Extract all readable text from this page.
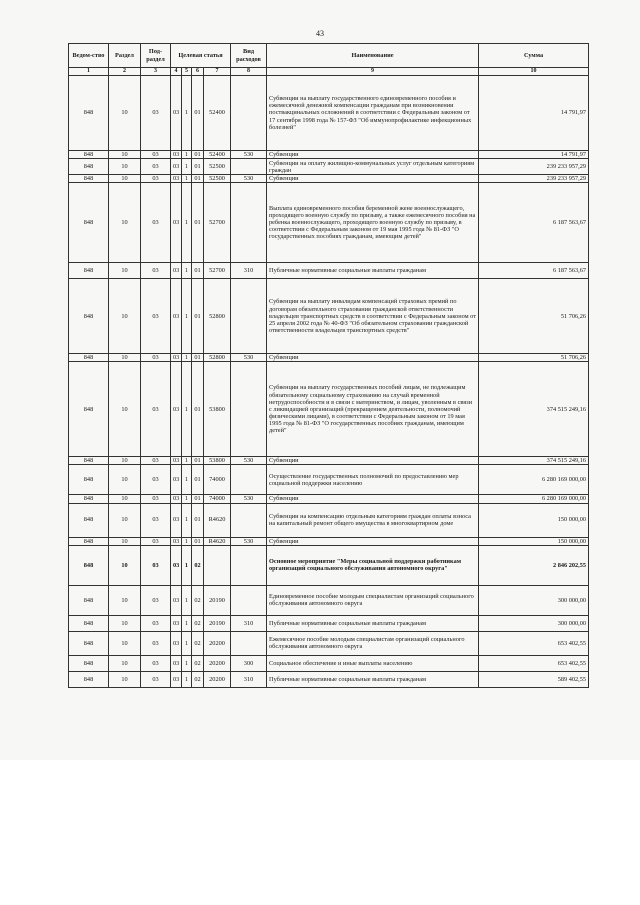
43
Ведом-ство	Раздел	Под-раздел	Целевая статья				Вид расходов	Наименование	Сумма
1	2	3	4	5	6	7	8	9	10
848	10	03	03	1	01	52400		Субвенции на выплату государственного единовременного пособия и ежемесячной денежной компенсации гражданам при возникновении поствакцинальных осложнений в соответствии с Федеральным законом от 17 сентября 1998 года № 157-ФЗ "Об иммунопрофилактике инфекционных болезней"	14 791,97
848	10	03	03	1	01	52400	530	Субвенции	14 791,97
848	10	03	03	1	01	52500		Субвенции на оплату жилищно-коммунальных услуг отдельным категориям граждан	239 233 957,29
848	10	03	03	1	01	52500	530	Субвенции	239 233 957,29
848	10	03	03	1	01	52700		Выплата единовременного пособия беременной жене военнослужащего, проходящего военную службу по призыву, а также ежемесячного пособия на ребенка военнослужащего, проходящего военную службу по призыву, в соответствии с Федеральным законом от 19 мая 1995 года № 81-ФЗ "О государственных пособиях гражданам, имеющим детей"	6 187 563,67
848	10	03	03	1	01	52700	310	Публичные нормативные социальные выплаты гражданам	6 187 563,67
848	10	03	03	1	01	52800		Субвенции на выплату инвалидам компенсаций страховых премий по договорам обязательного страхования гражданской ответственности владельцев транспортных средств в соответствии с Федеральным законом от 25 апреля 2002 года № 40-ФЗ "Об обязательном страховании гражданской ответственности владельцев транспортных средств"	51 706,26
848	10	03	03	1	01	52800	530	Субвенции	51 706,26
848	10	03	03	1	01	53800		Субвенции на выплату государственных пособий лицам, не подлежащим обязательному социальному страхованию на случай временной нетрудоспособности и в связи с материнством, и лицам, уволенным в связи с ликвидацией организаций (прекращением деятельности, полномочий физическими лицами), в соответствии с Федеральным законом от 19 мая 1995 года № 81-ФЗ "О государственных пособиях гражданам, имеющим детей"	374 515 249,16
848	10	03	03	1	01	53800	530	Субвенции	374 515 249,16
848	10	03	03	1	01	74000		Осуществление государственных полномочий по предоставлению мер социальной поддержки населению	6 280 169 000,00
848	10	03	03	1	01	74000	530	Субвенции	6 280 169 000,00
848	10	03	03	1	01	R4620		Субвенции на компенсацию отдельным категориям граждан оплаты взноса на капитальный ремонт общего имущества в многоквартирном доме	150 000,00
848	10	03	03	1	01	R4620	530	Субвенции	150 000,00
848	10	03	03	1	02			Основное мероприятие "Меры социальной поддержки работникам организаций социального обслуживания автономного округа"	2 846 202,55
848	10	03	03	1	02	20190		Единовременное пособие молодым специалистам организаций социального обслуживания автономного округа	300 000,00
848	10	03	03	1	02	20190	310	Публичные нормативные социальные выплаты гражданам	300 000,00
848	10	03	03	1	02	20200		Ежемесячное пособие молодым специалистам организаций социального обслуживания автономного округа	653 402,55
848	10	03	03	1	02	20200	300	Социальное обеспечение и иные выплаты населению	653 402,55
848	10	03	03	1	02	20200	310	Публичные нормативные социальные выплаты гражданам	589 402,55
